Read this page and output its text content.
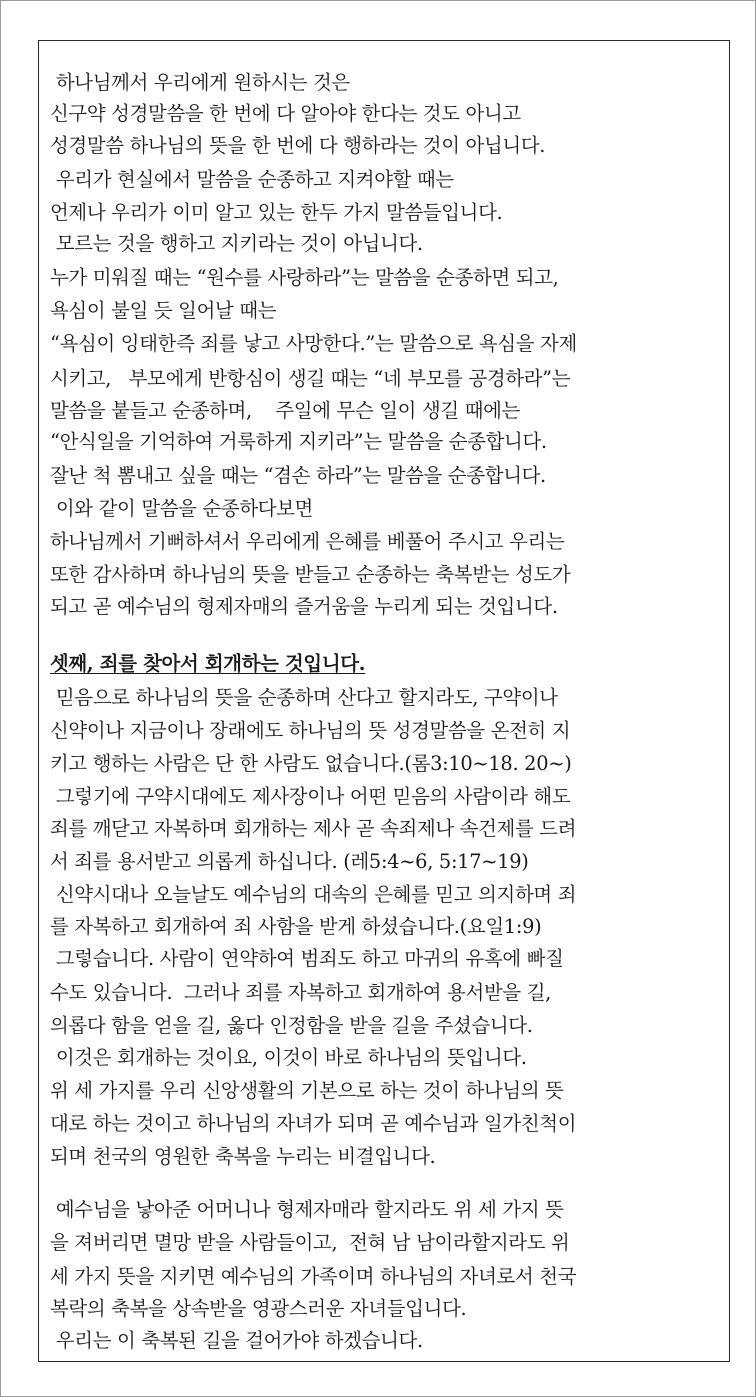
하나님께서 우리에게 원하시는 것은
신구약 성경말씀을 한 번에 다 알아야 한다는 것도 아니고
성경말씀 하나님의 뜻을 한 번에 다 행하라는 것이 아닙니다.
우리가 현실에서 말씀을 순종하고 지켜야할 때는
언제나 우리가 이미 알고 있는 한두 가지 말씀들입니다.
모르는 것을 행하고 지키라는 것이 아닙니다.
누가 미워질 때는 “원수를 사랑하라”는 말씀을 순종하면 되고,
욕심이 불일 듯 일어날 때는
“욕심이 잉태한즉 죄를 낳고 사망한다.”는 말씀으로 욕심을 자제
시키고,   부모에게 반항심이 생길 때는 “네 부모를 공경하라”는
말씀을 붙들고 순종하며,    주일에 무슨 일이 생길 때에는
“안식일을 기억하여 거룩하게 지키라”는 말씀을 순종합니다.
잘난 척 뽐내고 싶을 때는 “겸손 하라”는 말씀을 순종합니다.
이와 같이 말씀을 순종하다보면
하나님께서 기뻐하셔서 우리에게 은혜를 베풀어 주시고 우리는
또한 감사하며 하나님의 뜻을 받들고 순종하는 축복받는 성도가
되고 곧 예수님의 형제자매의 즐거움을 누리게 되는 것입니다.
셋째, 죄를 찾아서 회개하는 것입니다.
믿음으로 하나님의 뜻을 순종하며 산다고 할지라도, 구약이나
신약이나 지금이나 장래에도 하나님의 뜻 성경말씀을 온전히 지
키고 행하는 사람은 단 한 사람도 없습니다.(롬3:10~18. 20~)
그렇기에 구약시대에도 제사장이나 어떤 믿음의 사람이라 해도
죄를 깨닫고 자복하며 회개하는 제사 곧 속죄제나 속건제를 드려
서 죄를 용서받고 의롭게 하십니다. (레5:4~6, 5:17~19)
신약시대나 오늘날도 예수님의 대속의 은혜를 믿고 의지하며 죄
를 자복하고 회개하여 죄 사함을 받게 하셨습니다.(요일1:9)
그렇습니다. 사람이 연약하여 범죄도 하고 마귀의 유혹에 빠질
수도 있습니다.  그러나 죄를 자복하고 회개하여 용서받을 길,
의롭다 함을 얻을 길, 옳다 인정함을 받을 길을 주셨습니다.
이것은 회개하는 것이요, 이것이 바로 하나님의 뜻입니다.
위 세 가지를 우리 신앙생활의 기본으로 하는 것이 하나님의 뜻
대로 하는 것이고 하나님의 자녀가 되며 곧 예수님과 일가친척이
되며 천국의 영원한 축복을 누리는 비결입니다.
예수님을 낳아준 어머니나 형제자매라 할지라도 위 세 가지 뜻
을 져버리면 멸망 받을 사람들이고,  전혀 남 남이라할지라도 위
세 가지 뜻을 지키면 예수님의 가족이며 하나님의 자녀로서 천국
복락의 축복을 상속받을 영광스러운 자녀들입니다.
우리는 이 축복된 길을 걸어가야 하겠습니다.
